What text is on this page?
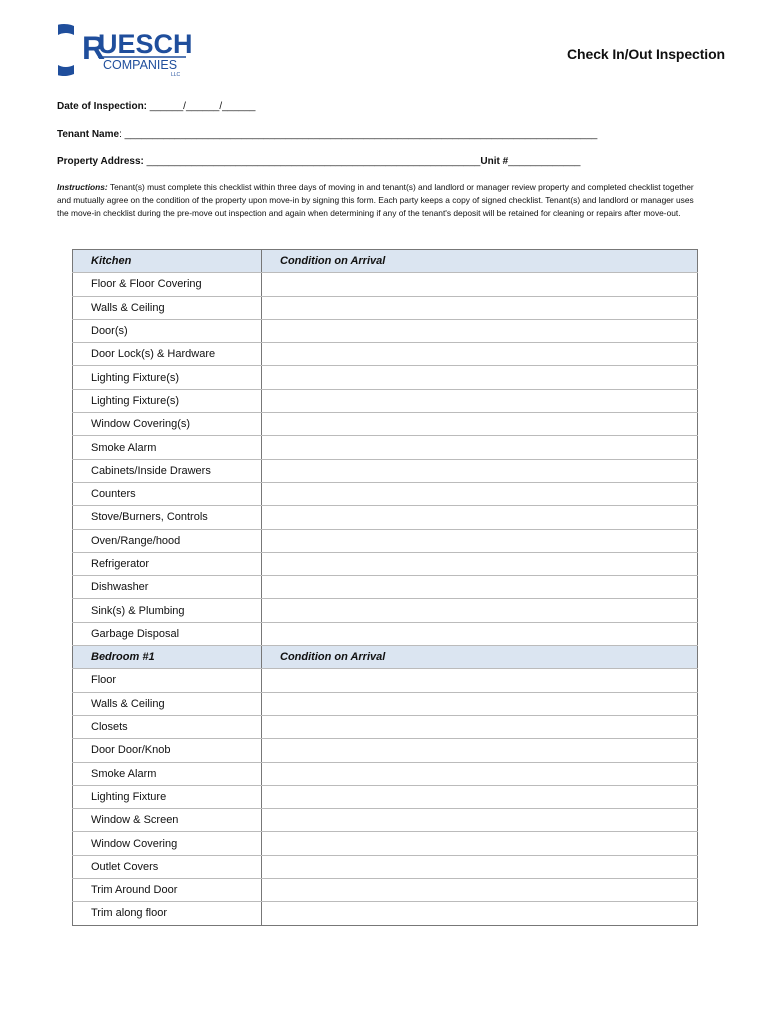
R
UESCH
COMPANIES
LLC
Check In/Out Inspection
Date of Inspection: ______/______/______
Tenant Name: _____________________________________________________________________________________
Property Address: ____________________________________________________________Unit #_____________
Instructions: Tenant(s) must complete this checklist within three days of moving in and tenant(s) and landlord or manager review property and completed checklist together and mutually agree on the condition of the property upon move-in by signing this form. Each party keeps a copy of signed checklist. Tenant(s) and landlord or manager uses the move-in checklist during the pre-move out inspection and again when determining if any of the tenant's deposit will be retained for cleaning or repairs after move-out.
Kitchen	Condition on Arrival
Floor & Floor Covering	
Walls & Ceiling	
Door(s)	
Door Lock(s) & Hardware	
Lighting Fixture(s)	
Lighting Fixture(s)	
Window Covering(s)	
Smoke Alarm	
Cabinets/Inside Drawers	
Counters	
Stove/Burners, Controls	
Oven/Range/hood	
Refrigerator	
Dishwasher	
Sink(s) & Plumbing	
Garbage Disposal	
Bedroom #1	Condition on Arrival
Floor	
Walls & Ceiling	
Closets	
Door Door/Knob	
Smoke Alarm	
Lighting Fixture	
Window & Screen	
Window Covering	
Outlet Covers	
Trim Around Door	
Trim along floor	
